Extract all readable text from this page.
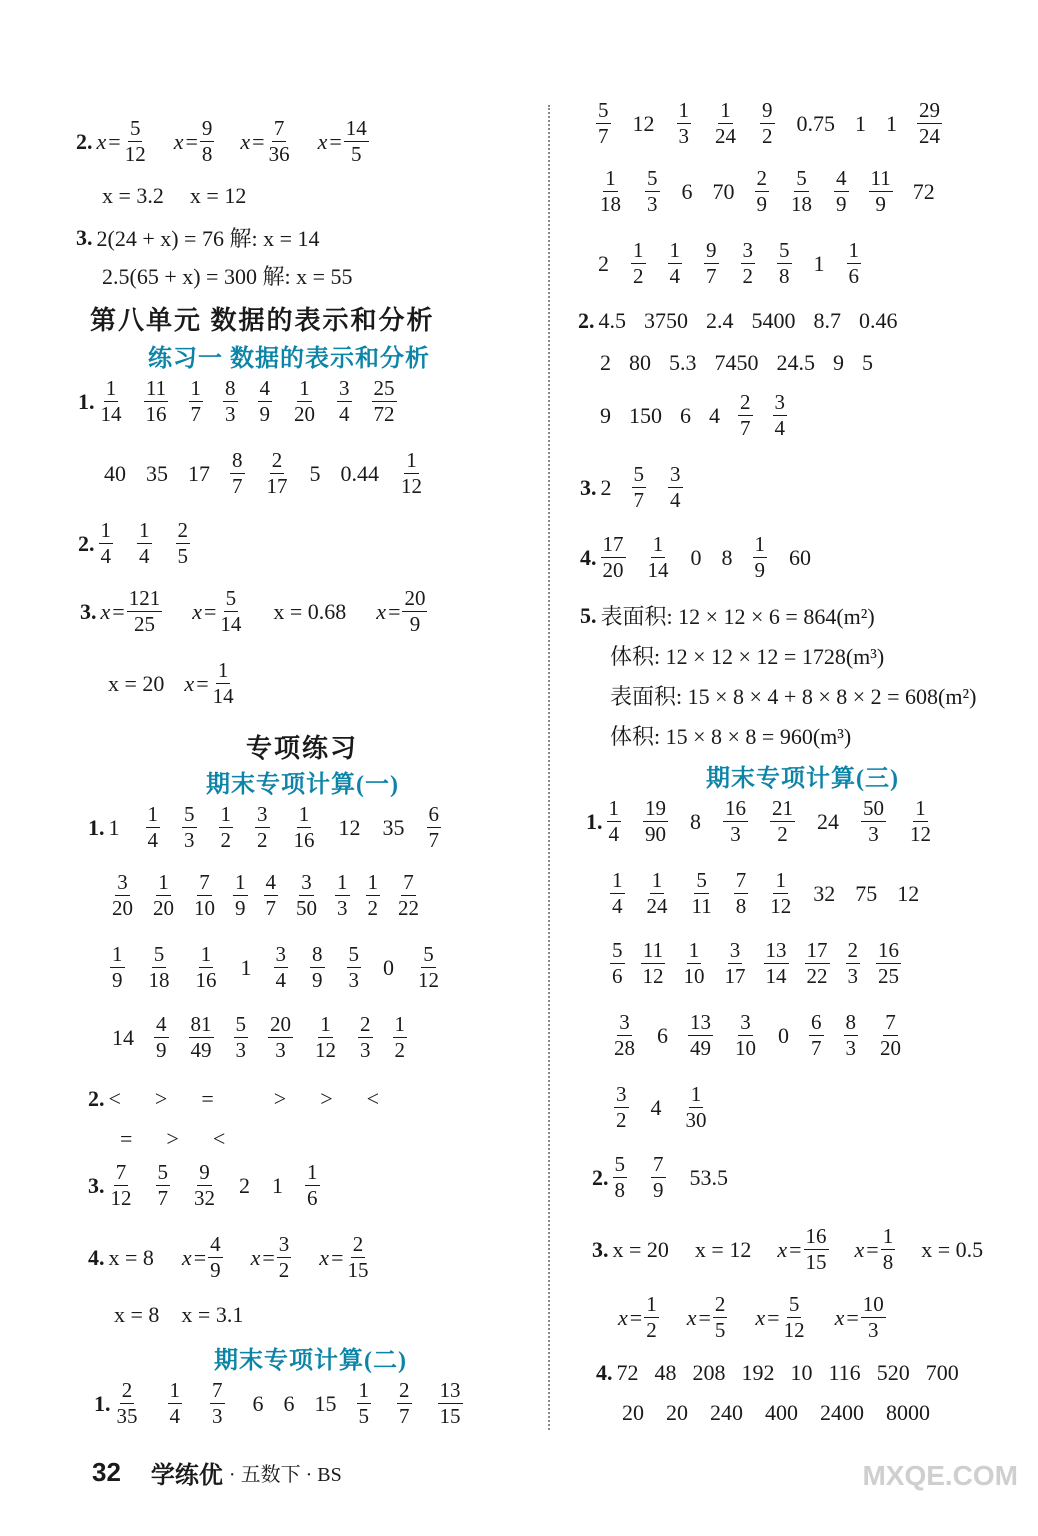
2. $x = \frac{5}{12}$ $x = \frac{9}{8}$ $x = \frac{7}{36}$ $x = \frac{14}{5}$
x = 3.2 x = 12
3. 2(24 + x) = 76 解: x = 14
2.5(65 + x) = 300 解: x = 55
第八单元 数据的表示和分析
练习一 数据的表示和分析
1. $\frac{1}{14} \frac{11}{16} \frac{1}{7} \frac{8}{3} \frac{4}{9} \frac{1}{20} \frac{3}{4} \frac{25}{72}$
40 35 $17 \frac{8}{7} \frac{2}{17} 5$ $0.44 \frac{1}{12}$
2. $\frac{1}{4} \frac{1}{4} \frac{2}{5}$
3. $x = \frac{121}{25}$ $x = \frac{5}{14}$ x = 0.68 $x = \frac{20}{9}$
x = 20 $x = \frac{1}{14}$
专项练习
期末专项计算(一)
1. $1 \frac{1}{4} \frac{5}{3} \frac{1}{2} \frac{3}{2} \frac{1}{16} 12$ $35 \frac{6}{7}$
$\frac{3}{20} \frac{1}{20} \frac{7}{10} \frac{1}{9} \frac{4}{7} \frac{3}{50} \frac{1}{3} \frac{1}{2} \frac{7}{22}$
$\frac{1}{9} \frac{5}{18} \frac{1}{16} 1 \frac{3}{4} \frac{8}{9} \frac{5}{3} 0 \frac{5}{12}$
$14 \frac{4}{9} \frac{81}{49} \frac{5}{3} \frac{20}{3} \frac{1}{12} \frac{2}{3} \frac{1}{2}$
2. < > =	> > <
= > <
3. $\frac{7}{12} \frac{5}{7} \frac{9}{32} 2$ $1 \frac{1}{6}$
4. x = 8 $x = \frac{4}{9}$ $x = \frac{3}{2}$ $x = \frac{2}{15}$
x = 8 x = 3.1
期末专项计算(二)
1. $\frac{2}{35} \frac{1}{4} \frac{7}{3} 6$ 6 $15 \frac{1}{5} \frac{2}{7} \frac{13}{15}$
$\frac{5}{7} 12 \frac{1}{3} \frac{1}{24} \frac{9}{2} 0.75$ 1 $1 \frac{29}{24}$
$\frac{1}{18} \frac{5}{3} 6$ $70 \frac{2}{9} \frac{5}{18} \frac{4}{9} \frac{11}{9} 72$
$2 \frac{1}{2} \frac{1}{4} \frac{9}{7} \frac{3}{2} \frac{5}{8} 1 \frac{1}{6}$
2. 4.5 3750 2.4 5400 8.7 0.46
2 80 5.3 7450 24.5 9 5
9 150 6 $4 \frac{2}{7} \frac{3}{4}$
3. $2 \frac{5}{7} \frac{3}{4}$
4. $\frac{17}{20} \frac{1}{14} 0$ $8 \frac{1}{9} 60$
5. 表面积: 12 × 12 × 6 = 864(m²)
体积: 12 × 12 × 12 = 1728(m³)
表面积: 15 × 8 × 4 + 8 × 8 × 2 = 608(m²)
体积: 15 × 8 × 8 = 960(m³)
期末专项计算(三)
1. $\frac{1}{4} \frac{19}{90} 8 \frac{16}{3} \frac{21}{2} 24 \frac{50}{3} \frac{1}{12}$
$\frac{1}{4} \frac{1}{24} \frac{5}{11} \frac{7}{8} \frac{1}{12} 32$ 75 12
$\frac{5}{6} \frac{11}{12} \frac{1}{10} \frac{3}{17} \frac{13}{14} \frac{17}{22} \frac{2}{3} \frac{16}{25}$
$\frac{3}{28} 6 \frac{13}{49} \frac{3}{10} 0 \frac{6}{7} \frac{8}{3} \frac{7}{20}$
$\frac{3}{2} 4 \frac{1}{30}$
2. $\frac{5}{8} \frac{7}{9} 53.5$
3. x = 20 x = 12 $x = \frac{16}{15}$ $x = \frac{1}{8}$ x = 0.5
$x = \frac{1}{2}$ $x = \frac{2}{5}$ $x = \frac{5}{12}$ $x = \frac{10}{3}$
4. 72 48 208 192 10 116 520 700
20 20 240 400 2400 8000
32 学练优 · 五数下 · BS	MXQE.COM
